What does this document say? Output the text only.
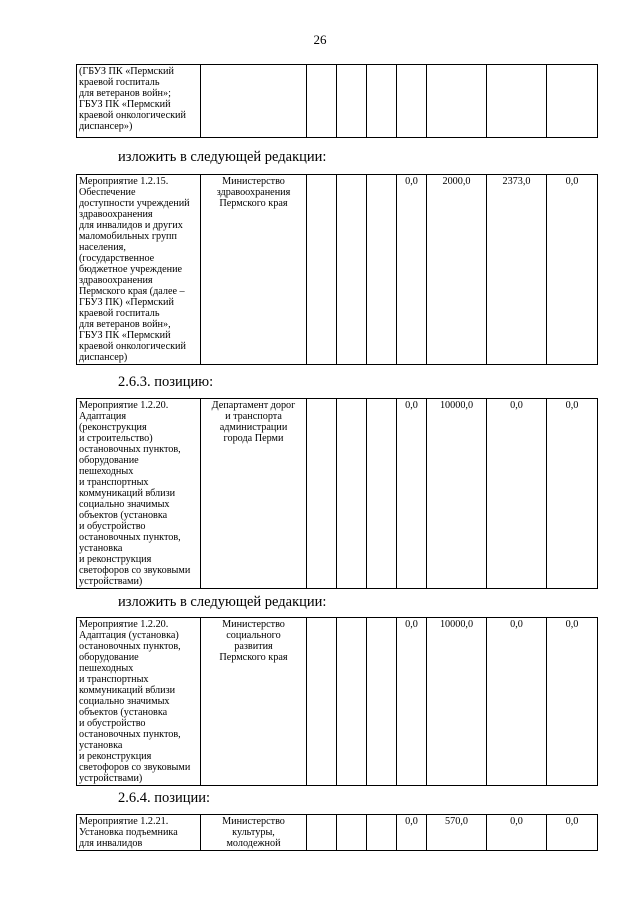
26
(ГБУЗ ПК «Пермский
краевой госпиталь
для ветеранов войн»;
ГБУЗ ПК «Пермский
краевой онкологический
диспансер»)								
изложить в следующей редакции:
Мероприятие 1.2.15.
Обеспечение
доступности учреждений
здравоохранения
для инвалидов и других
маломобильных групп
населения,
(государственное
бюджетное учреждение
здравоохранения
Пермского края (далее –
ГБУЗ ПК) «Пермский
краевой госпиталь
для ветеранов войн»,
ГБУЗ ПК «Пермский
краевой онкологический
диспансер)	Министерство
здравоохранения
Пермского края				0,0	2000,0	2373,0	0,0
2.6.3. позицию:
Мероприятие 1.2.20.
Адаптация
(реконструкция
и строительство)
остановочных пунктов,
оборудование
пешеходных
и транспортных
коммуникаций вблизи
социально значимых
объектов (установка
и обустройство
остановочных пунктов,
установка
и реконструкция
светофоров со звуковыми
устройствами)	Департамент дорог
и транспорта
администрации
города Перми				0,0	10000,0	0,0	0,0
изложить в следующей редакции:
Мероприятие 1.2.20.
Адаптация (установка)
остановочных пунктов,
оборудование
пешеходных
и транспортных
коммуникаций вблизи
социально значимых
объектов (установка
и обустройство
остановочных пунктов,
установка
и реконструкция
светофоров со звуковыми
устройствами)	Министерство
социального
развития
Пермского края				0,0	10000,0	0,0	0,0
2.6.4. позиции:
Мероприятие 1.2.21.
Установка подъемника
для инвалидов	Министерство
культуры,
молодежной				0,0	570,0	0,0	0,0
